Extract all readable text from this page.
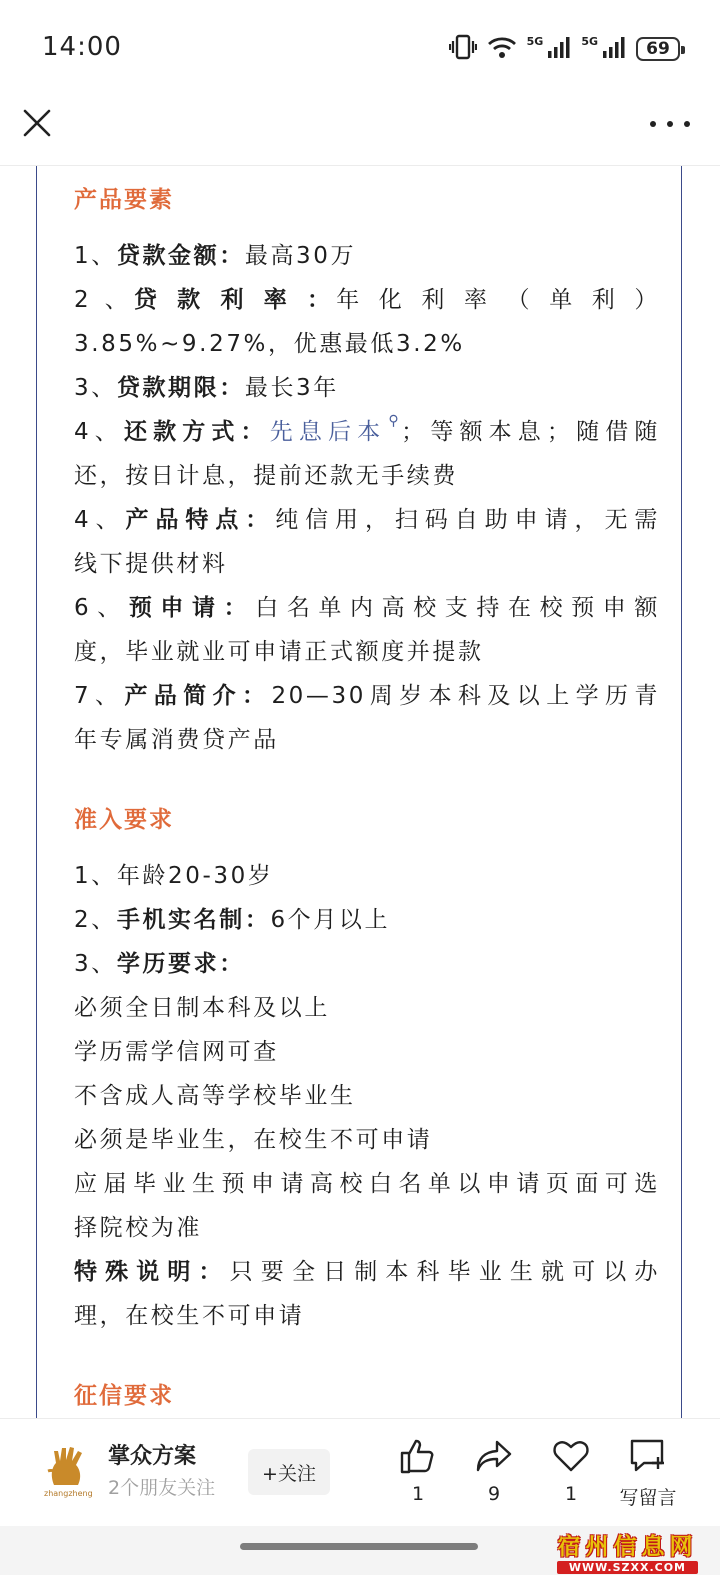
14:00	5G	5G	69
产品要素
1、贷款金额：最高30万
2 、贷 款 利 率 ：年 化 利 率 （ 单 利 ）
3.85%~9.27%，优惠最低3.2%
3、贷款期限：最长3年
4、还款方式：先息后本 ⚲；等额本息；随借随
还，按日计息，提前还款无手续费
4、产品特点：纯信用，扫码自助申请，无需
线下提供材料
6、预申请：白名单内高校支持在校预申额
度，毕业就业可申请正式额度并提款
7、产品简介：20—30周岁本科及以上学历青
年专属消费贷产品
准入要求
1、年龄20-30岁
2、手机实名制：6个月以上
3、学历要求：
必须全日制本科及以上
学历需学信网可查
不含成人高等学校毕业生
必须是毕业生，在校生不可申请
应届毕业生预申请高校白名单以申请页面可选
择院校为准
特殊说明：只要全日制本科毕业生就可以办
理，在校生不可申请
征信要求
zhangzheng
掌众方案
2个朋友关注
+关注
1	9	1	写留言
宿州信息网
WWW.SZXX.COM
